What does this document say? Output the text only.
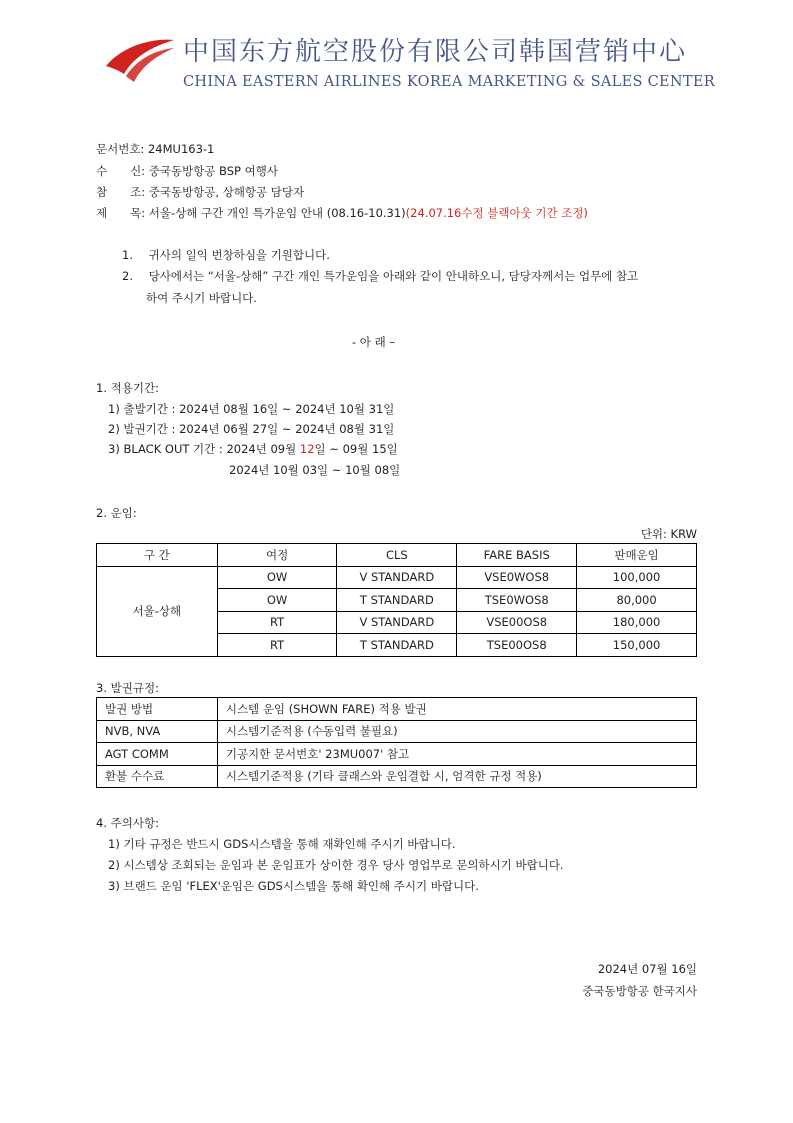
中国东方航空股份有限公司韩国营销中心
CHINA EASTERN AIRLINES KOREA MARKETING & SALES CENTER
문서번호: 24MU163-1
수　　신: 중국동방항공 BSP 여행사
참　　조: 중국동방항공, 상해항공 담당자
제　　목: 서울-상해 구간 개인 특가운임 안내 (08.16-10.31)(24.07.16수정 블랙아웃 기간 조정)
1. 귀사의 일익 번창하심을 기원합니다.
2. 당사에서는 “서울-상해” 구간 개인 특가운임을 아래와 같이 안내하오니, 담당자께서는 업무에 참고
하여 주시기 바랍니다.
- 아 래 –
1. 적용기간:
1) 출발기간 : 2024년 08월 16일 ~ 2024년 10월 31일
2) 발권기간 : 2024년 06월 27일 ~ 2024년 08월 31일
3) BLACK OUT 기간 : 2024년 09월 12일 ~ 09월 15일
2024년 10월 03일 ~ 10월 08일
2. 운임:
단위: KRW
구 간	여정	CLS	FARE BASIS	판매운임
서울-상해	OW	V STANDARD	VSE0WOS8	100,000
	OW	T STANDARD	TSE0WOS8	80,000
	RT	V STANDARD	VSE00OS8	180,000
	RT	T STANDARD	TSE00OS8	150,000
3. 발권규정:
발권 방법	시스템 운임 (SHOWN FARE) 적용 발권
NVB, NVA	시스템기준적용 (수동입력 불필요)
AGT COMM	기공지한 문서번호' 23MU007' 참고
환불 수수료	시스템기준적용 (기타 클래스와 운임결합 시, 엄격한 규정 적용)
4. 주의사항:
1) 기타 규정은 반드시 GDS시스템을 통해 재확인해 주시기 바랍니다.
2) 시스템상 조회되는 운임과 본 운임표가 상이한 경우 당사 영업부로 문의하시기 바랍니다.
3) 브랜드 운임 'FLEX'운임은 GDS시스템을 통해 확인해 주시기 바랍니다.
2024년 07월 16일
중국동방항공 한국지사
